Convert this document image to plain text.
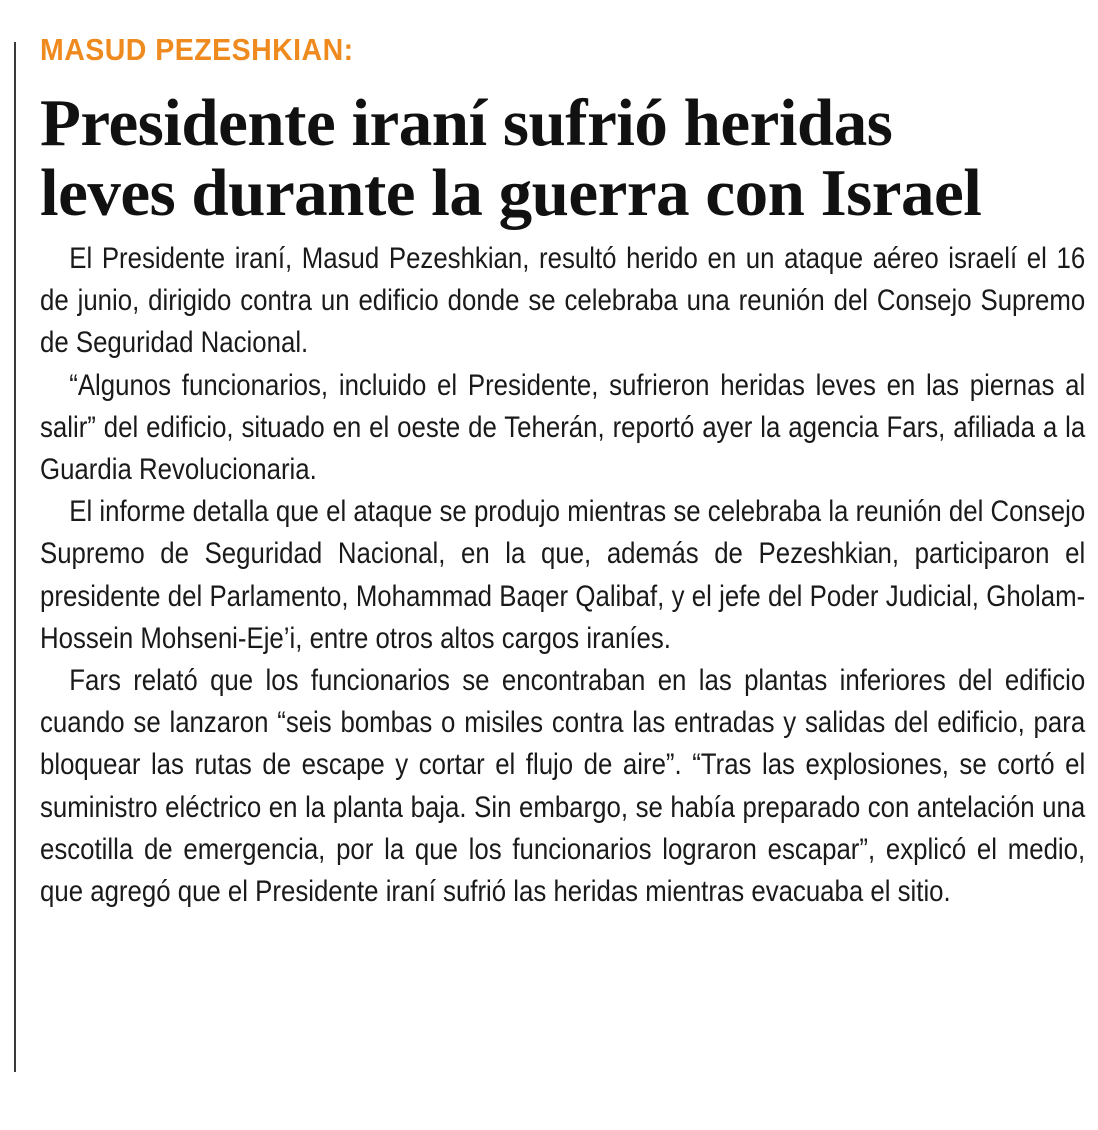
MASUD PEZESHKIAN:
Presidente iraní sufrió heridas
leves durante la guerra con Israel

El Presidente iraní, Masud Pezeshkian, resultó herido en un ataque aéreo israelí el 16 de junio, dirigido contra un edificio donde se celebraba una reunión del Consejo Supremo de Seguridad Nacional.

“Algunos funcionarios, incluido el Presidente, sufrieron heridas leves en las piernas al salir” del edificio, situado en el oeste de Teherán, reportó ayer la agencia Fars, afiliada a la Guardia Revolucionaria.

El informe detalla que el ataque se produjo mientras se celebraba la reunión del Consejo Supremo de Seguridad Nacional, en la que, además de Pezeshkian, participaron el presidente del Parlamento, Mohammad Baqer Qalibaf, y el jefe del Poder Judicial, Gholam-Hossein Mohseni-Eje’i, entre otros altos cargos iraníes.

Fars relató que los funcionarios se encontraban en las plantas inferiores del edificio cuando se lanzaron “seis bombas o misiles contra las entradas y salidas del edificio, para bloquear las rutas de escape y cortar el flujo de aire”. “Tras las explosiones, se cortó el suministro eléctrico en la planta baja. Sin embargo, se había preparado con antelación una escotilla de emergencia, por la que los funcionarios lograron escapar”, explicó el medio, que agregó que el Presidente iraní sufrió las heridas mientras evacuaba el sitio.
